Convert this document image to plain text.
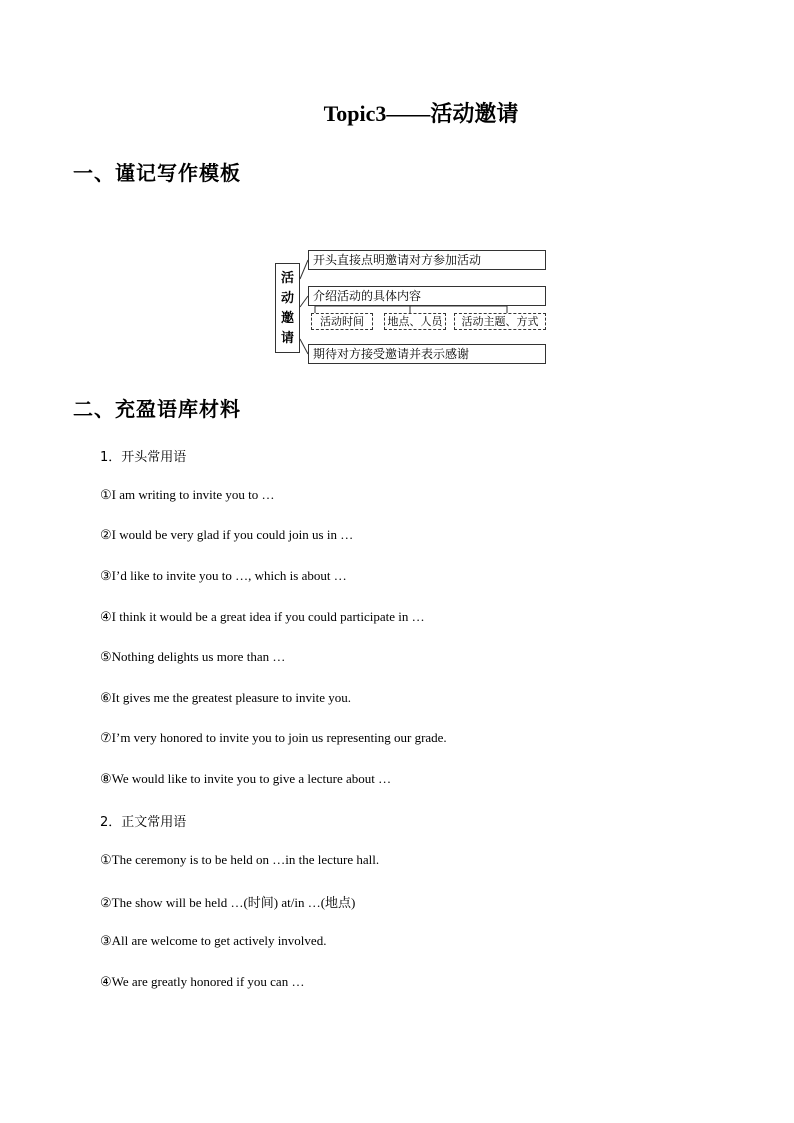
Topic3——活动邀请
一、谨记写作模板
活
动
邀
请
开头直接点明邀请对方参加活动
介绍活动的具体内容
活动时间	地点、人员	活动主题、方式
期待对方接受邀请并表示感谢
二、充盈语库材料
1．开头常用语
①I am writing to invite you to …
②I would be very glad if you could join us in …
③I’d like to invite you to …, which is about …
④I think it would be a great idea if you could participate in …
⑤Nothing delights us more than …
⑥It gives me the greatest pleasure to invite you.
⑦I’m very honored to invite you to join us representing our grade.
⑧We would like to invite you to give a lecture about …
2．正文常用语
①The ceremony is to be held on …in the lecture hall.
②The show will be held …(时间) at/in …(地点)
③All are welcome to get actively involved.
④We are greatly honored if you can …
